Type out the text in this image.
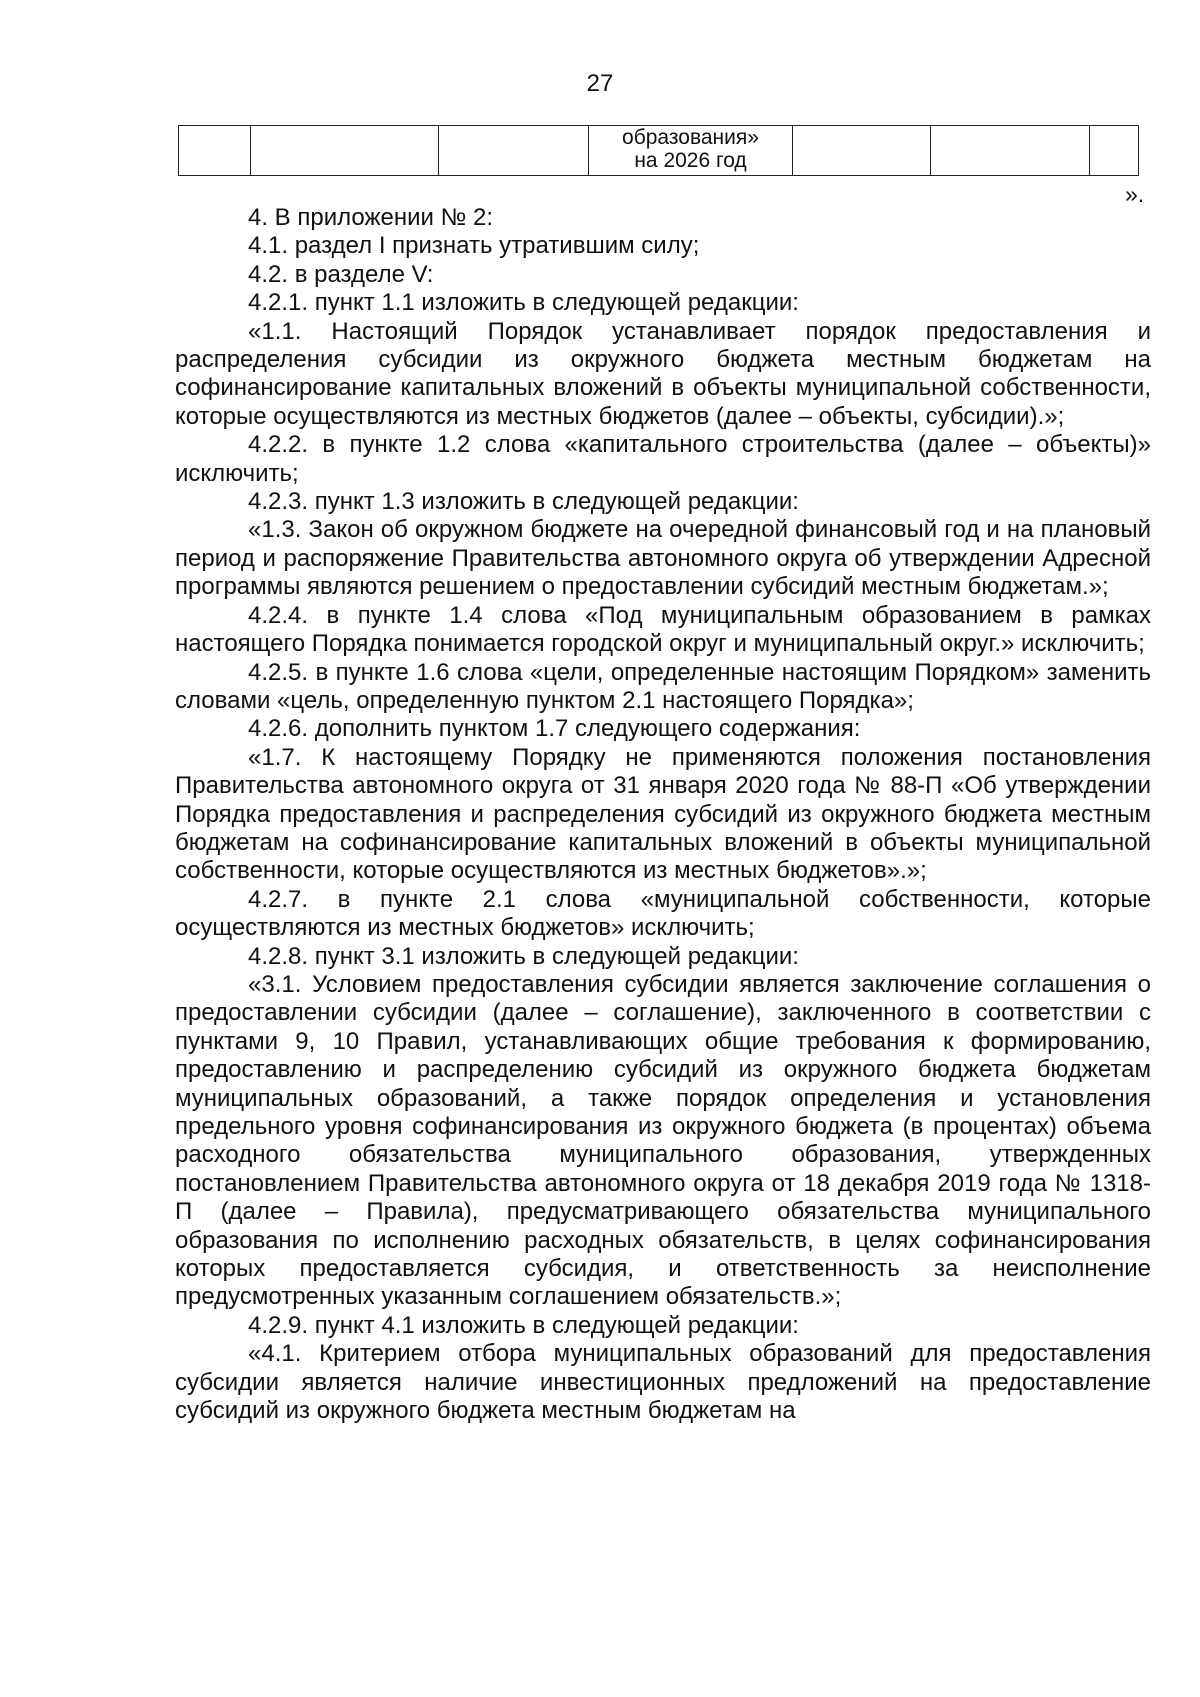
27
			образования»
на 2026 год			
».

4. В приложении № 2:

4.1. раздел I признать утратившим силу;

4.2. в разделе V:

4.2.1. пункт 1.1 изложить в следующей редакции:

«1.1. Настоящий Порядок устанавливает порядок предоставления и распределения субсидии из окружного бюджета местным бюджетам на софинансирование капитальных вложений в объекты муниципальной собственности, которые осуществляются из местных бюджетов (далее – объекты, субсидии).»;

4.2.2. в пункте 1.2 слова «капитального строительства (далее – объекты)» исключить;

4.2.3. пункт 1.3 изложить в следующей редакции:

«1.3. Закон об окружном бюджете на очередной финансовый год и на плановый период и распоряжение Правительства автономного округа об утверждении Адресной программы являются решением о предоставлении субсидий местным бюджетам.»;

4.2.4. в пункте 1.4 слова «Под муниципальным образованием в рамках настоящего Порядка понимается городской округ и муниципальный округ.» исключить;

4.2.5. в пункте 1.6 слова «цели, определенные настоящим Порядком» заменить словами «цель, определенную пунктом 2.1 настоящего Порядка»;

4.2.6. дополнить пунктом 1.7 следующего содержания:

«1.7. К настоящему Порядку не применяются положения постановления Правительства автономного округа от 31 января 2020 года № 88-П «Об утверждении Порядка предоставления и распределения субсидий из окружного бюджета местным бюджетам на софинансирование капитальных вложений в объекты муниципальной собственности, которые осуществляются из местных бюджетов».»;

4.2.7. в пункте 2.1 слова «муниципальной собственности, которые осуществляются из местных бюджетов» исключить;

4.2.8. пункт 3.1 изложить в следующей редакции:

«3.1. Условием предоставления субсидии является заключение соглашения о предоставлении субсидии (далее – соглашение), заключенного в соответствии с пунктами 9, 10 Правил, устанавливающих общие требования к формированию, предоставлению и распределению субсидий из окружного бюджета бюджетам муниципальных образований, а также порядок определения и установления предельного уровня софинансирования из окружного бюджета (в процентах) объема расходного обязательства муниципального образования, утвержденных постановлением Правительства автономного округа от 18 декабря 2019 года № 1318-П (далее – Правила), предусматривающего обязательства муниципального образования по исполнению расходных обязательств, в целях софинансирования которых предоставляется субсидия, и ответственность за неисполнение предусмотренных указанным соглашением обязательств.»;

4.2.9. пункт 4.1 изложить в следующей редакции:

«4.1. Критерием отбора муниципальных образований для предоставления субсидии является наличие инвестиционных предложений на предоставление субсидий из окружного бюджета местным бюджетам на
